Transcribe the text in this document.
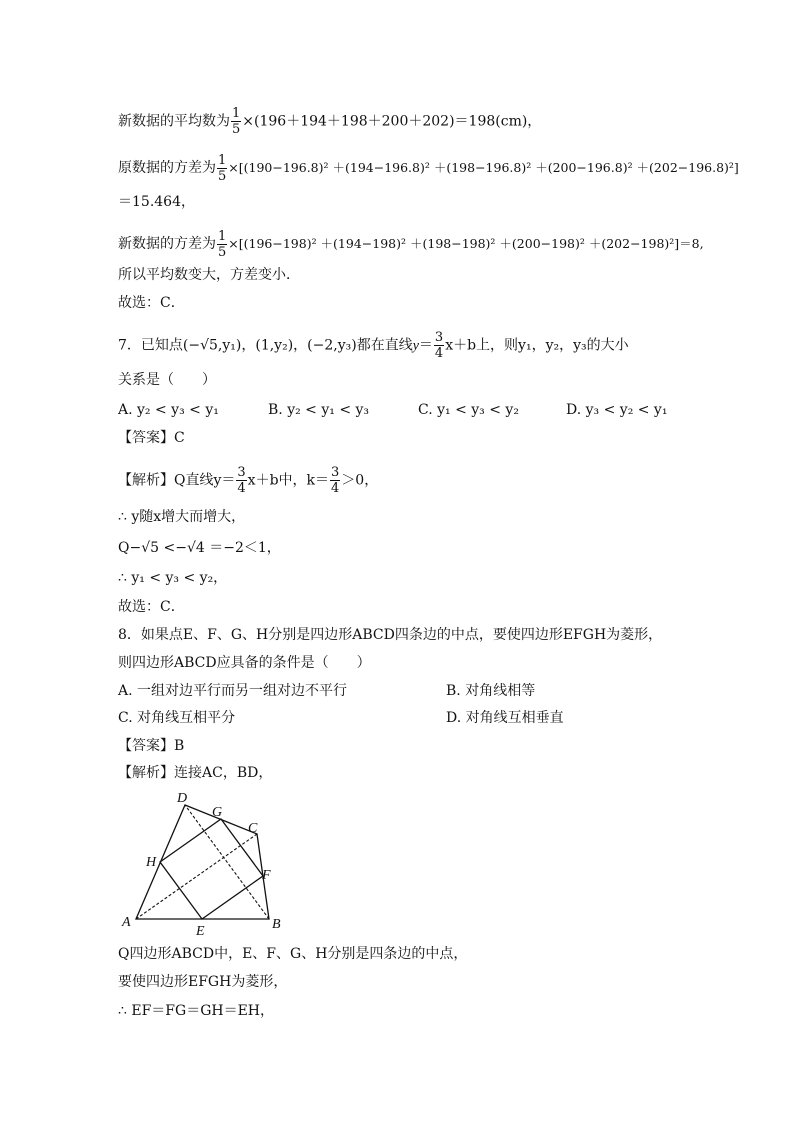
新数据的平均数为 $\frac{1}{5} \times(196+194+198+200+202)=198(cm)$，
原数据的方差为 $\frac{1}{5} \times[(190-196.8)^2 +(194-196.8)^2 +(198-196.8)^2 +(200-196.8)^2 +(202-196.8)^2]$
＝15.464，
新数据的方差为 $\frac{1}{5} \times[(196-198)^2 +(194-198)^2 +(198-198)^2 +(200-198)^2 +(202-198)^2]=8$,
所以平均数变大，方差变小．
故选：C．
7．已知点(−√5,y₁)，(1,y₂)，(−2,y₃)都在直线$y= \frac{3}{4} x+b$上，则y₁，y₂，y₃的大小
关系是（　　）
A. y₂ < y₃ < y₁	B. y₂ < y₁ < y₃	C. y₁ < y₃ < y₂	D. y₃ < y₂ < y₁
【答案】C
【解析】Q直线$y= \frac{3}{4} x+b$中，$k= \frac{3}{4} >0$，
∴ y随x增大而增大，
Q−√5 <−√4 ＝−2＜1，
∴ y₁ < y₃ < y₂，
故选：C．
8．如果点E、F、G、H分别是四边形ABCD四条边的中点，要使四边形EFGH为菱形，
则四边形ABCD应具备的条件是（　　）
A. 一组对边平行而另一组对边不平行	B. 对角线相等
C. 对角线互相平分	D. 对角线互相垂直
【答案】B
【解析】连接AC，BD，
A	B
C
D
E
F
G
H
Q四边形ABCD中，E、F、G、H分别是四条边的中点，
要使四边形EFGH为菱形，
∴ EF＝FG＝GH＝EH，
